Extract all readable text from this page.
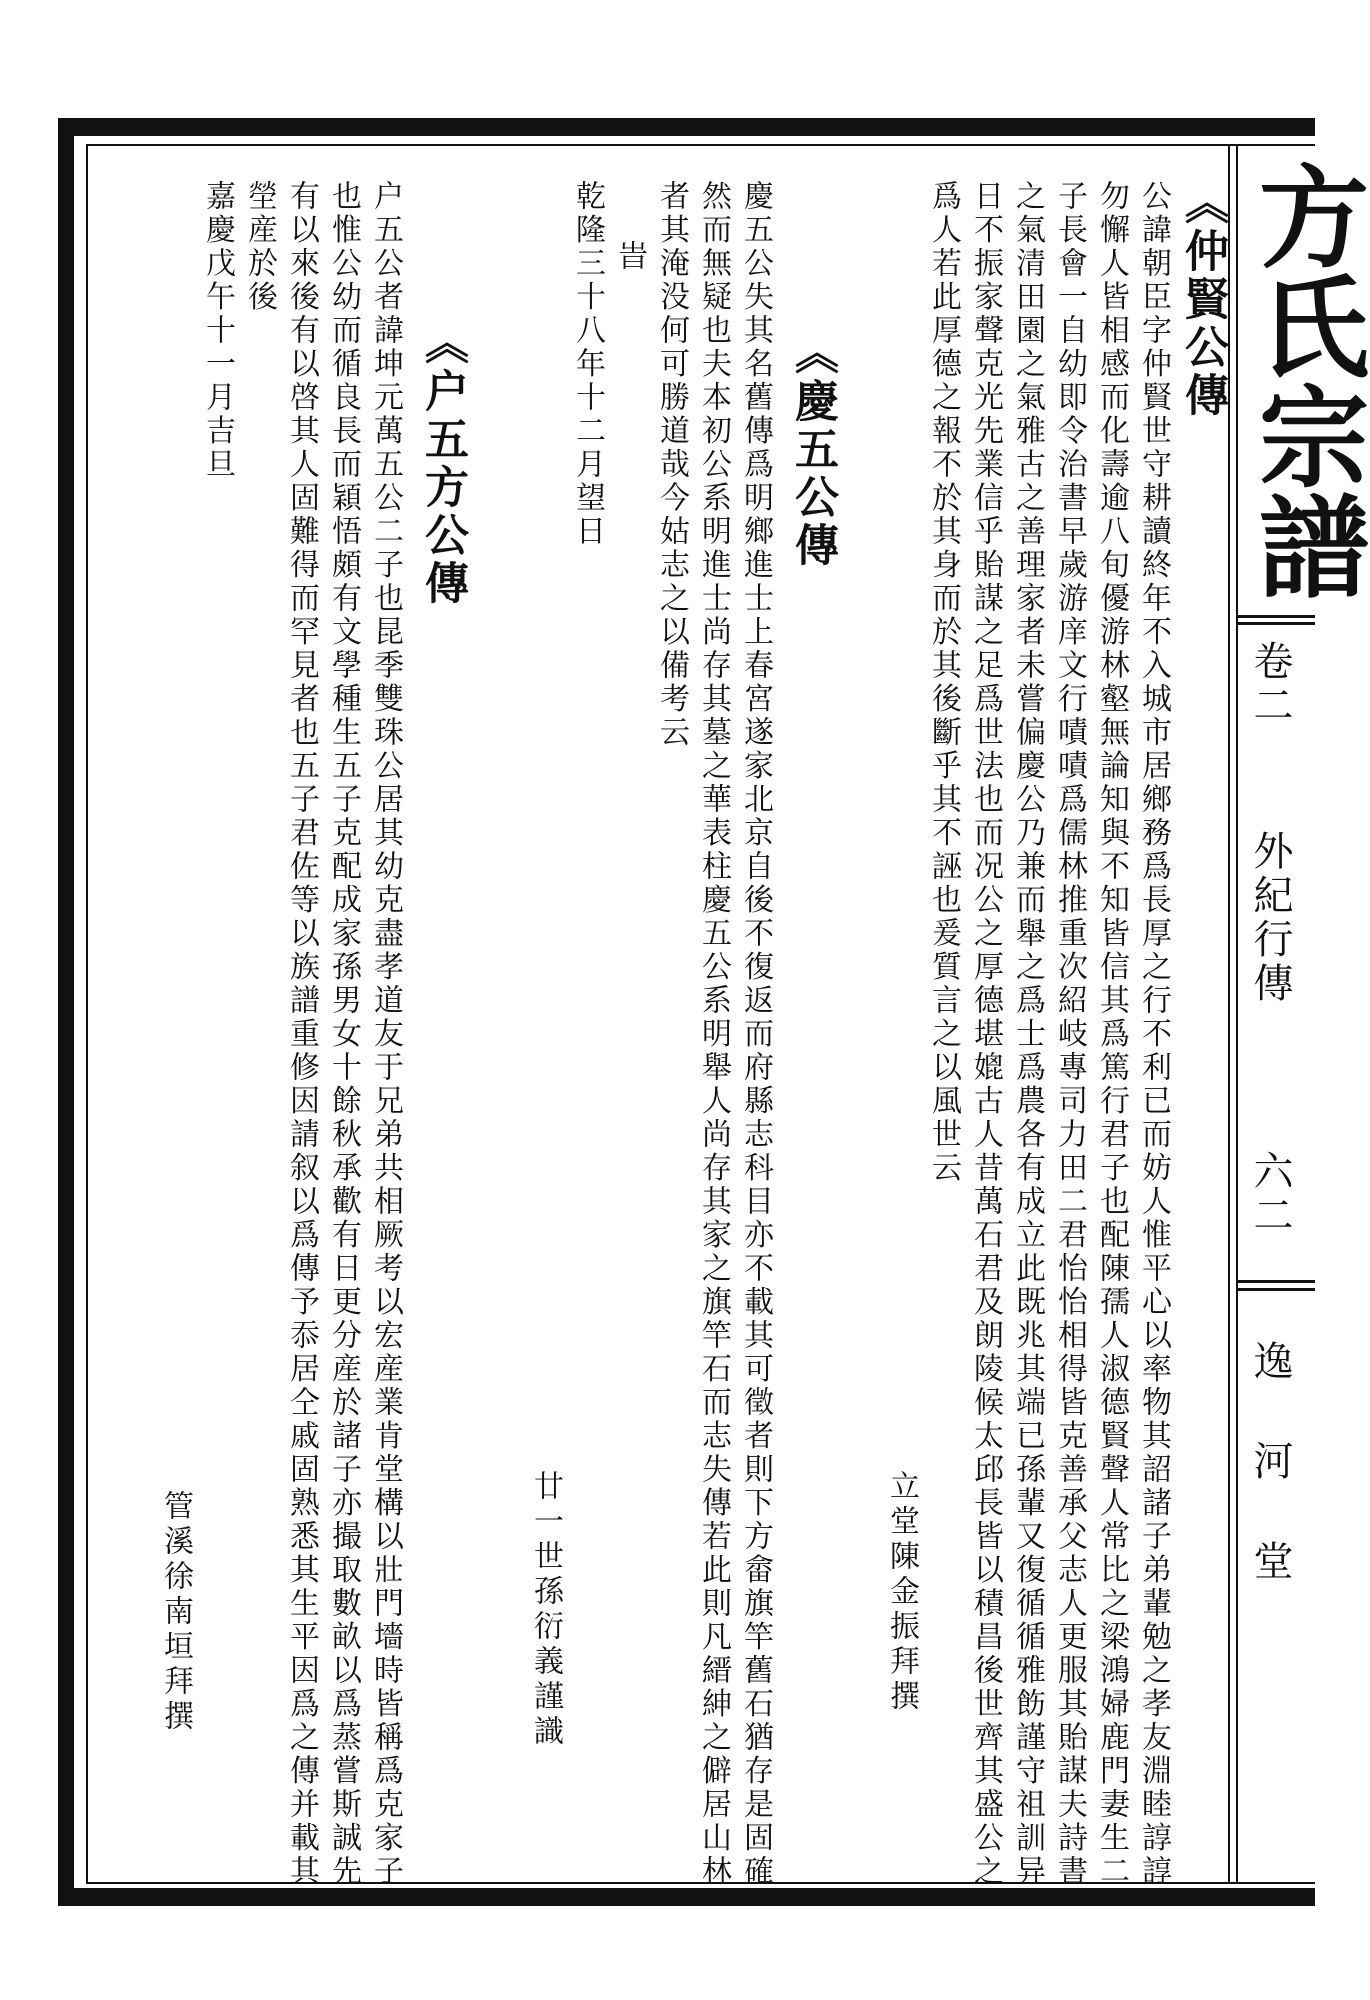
方氏宗譜
卷二
外紀行傳
六二
逸河堂
《仲賢公傳
公諱朝臣字仲賢世守耕讀終年不入城市居鄉務爲長厚之行不利已而妨人惟平心以率物其詔諸子弟輩勉之孝友淵睦諄諄
勿懈人皆相感而化壽逾八旬優游林壑無論知與不知皆信其爲篤行君子也配陳孺人淑德賢聲人常比之梁鴻婦鹿門妻生二
子長會一自幼即令治書早歲游庠文行嘖嘖爲儒林推重次紹岐專司力田二君怡怡相得皆克善承父志人更服其貽謀夫詩書
之氣清田園之氣雅古之善理家者未嘗偏慶公乃兼而舉之爲士爲農各有成立此既兆其端已孫輩又復循循雅飭謹守祖訓异
日不振家聲克光先業信乎貽謀之足爲世法也而况公之厚德堪媲古人昔萬石君及朗陵候太邱長皆以積昌後世齊其盛公之
爲人若此厚德之報不於其身而於其後斷乎其不誣也爰質言之以風世云
立堂陳金振拜撰
《慶五公傳
慶五公失其名舊傳爲明鄉進士上春宮遂家北京自後不復返而府縣志科目亦不載其可徵者則下方畲旗竿舊石猶存是固確
然而無疑也夫本初公系明進士尚存其墓之華表柱慶五公系明舉人尚存其家之旗竿石而志失傳若此則凡縉紳之僻居山林
者其淹没何可勝道哉今姑志之以備考云
旹
乾隆三十八年十二月望日
廿一世孫衍義謹識
《户五方公傳
户五公者諱坤元萬五公二子也昆季雙珠公居其幼克盡孝道友于兄弟共相厥考以宏産業肯堂構以壯門墻時皆稱爲克家子
也惟公幼而循良長而穎悟頗有文學種生五子克配成家孫男女十餘秋承歡有日更分産於諸子亦撮取數畝以爲蒸嘗斯誠先
有以來後有以啓其人固難得而罕見者也五子君佐等以族譜重修因請叙以爲傳予忝居仝戚固熟悉其生平因爲之傳并載其
塋産於後
嘉慶戊午十一月吉旦
管溪徐南垣拜撰
